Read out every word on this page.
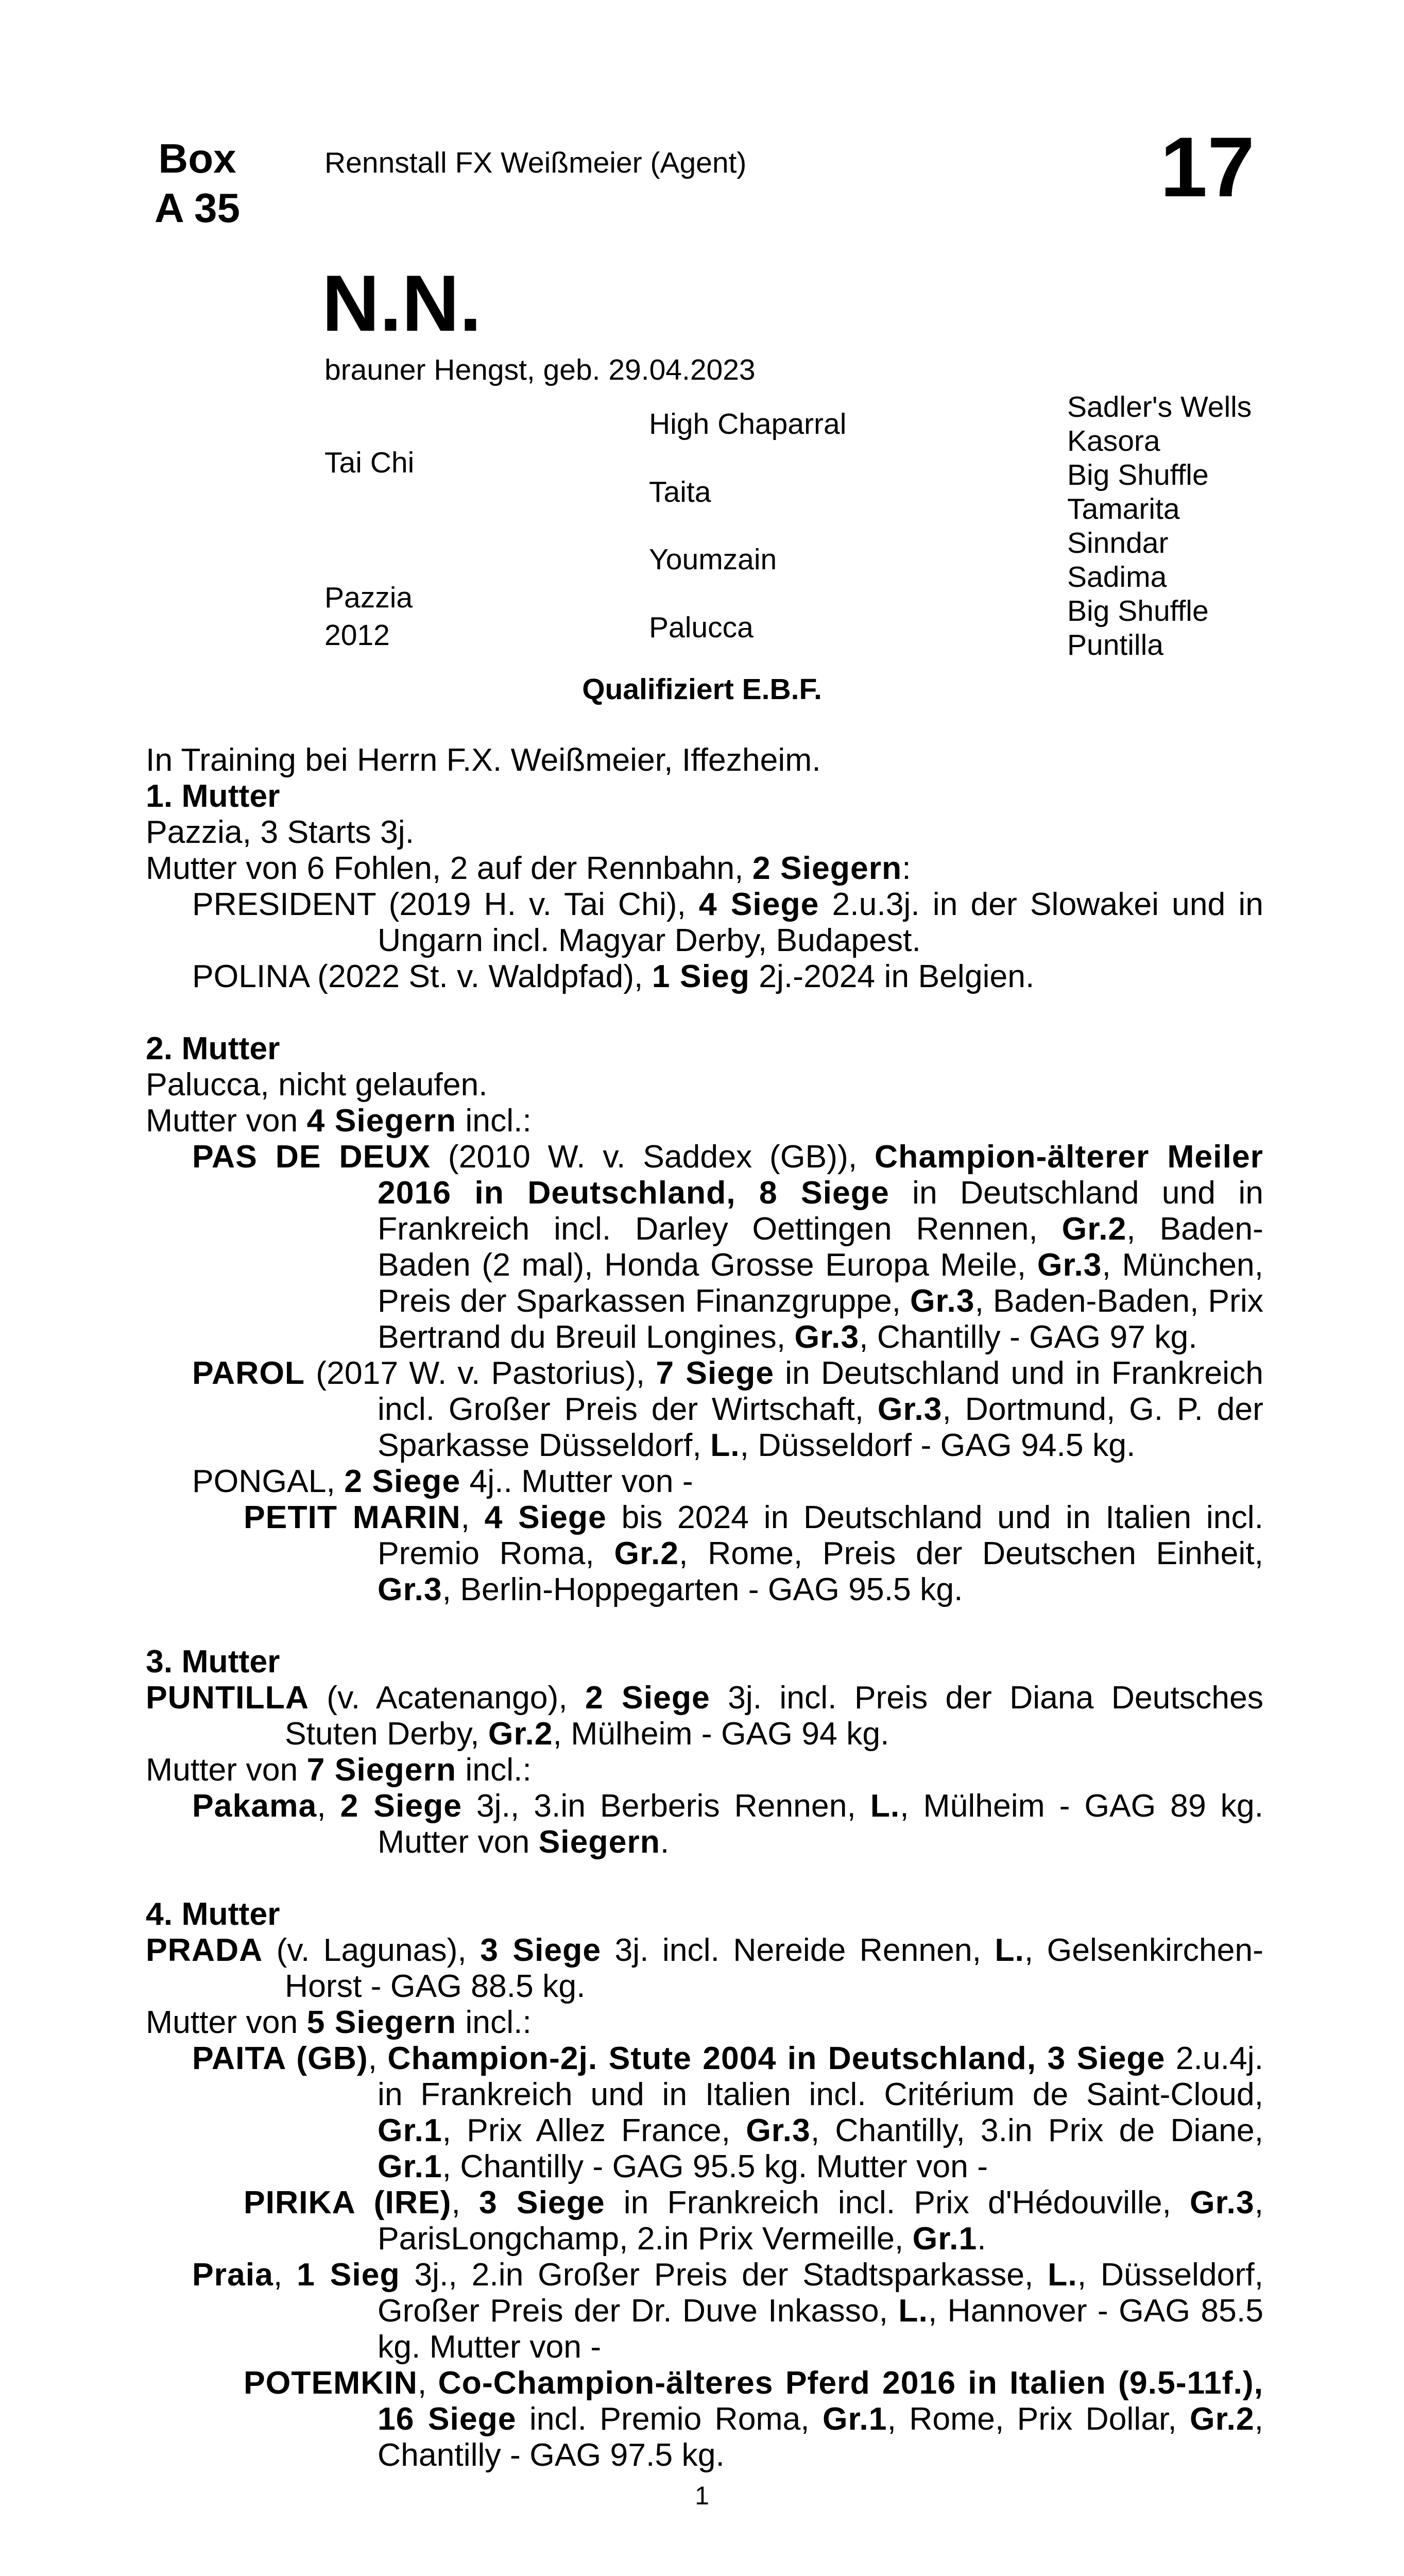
Box
A 35
Rennstall FX Weißmeier (Agent)	17
N.N.
brauner Hengst, geb. 29.04.2023
Tai Chi
Pazzia
2012
High Chaparral
Taita
Youmzain
Palucca
Sadler's Wells
Kasora
Big Shuffle
Tamarita
Sinndar
Sadima
Big Shuffle
Puntilla
Qualifiziert E.B.F.
In Training bei Herrn F.X. Weißmeier, Iffezheim.
1. Mutter
Pazzia, 3 Starts 3j.
Mutter von 6 Fohlen, 2 auf der Rennbahn, 2 Siegern:
PRESIDENT (2019 H. v. Tai Chi), 4 Siege 2.u.3j. in der Slowakei und in Ungarn incl. Magyar Derby, Budapest.
POLINA (2022 St. v. Waldpfad), 1 Sieg 2j.-2024 in Belgien.
2. Mutter
Palucca, nicht gelaufen.
Mutter von 4 Siegern incl.:
PAS DE DEUX (2010 W. v. Saddex (GB)), Champion-älterer Meiler 2016 in Deutschland, 8 Siege in Deutschland und in Frankreich incl. Darley Oettingen Rennen, Gr.2, Baden-Baden (2 mal), Honda Grosse Europa Meile, Gr.3, München, Preis der Sparkassen Finanzgruppe, Gr.3, Baden-Baden, Prix Bertrand du Breuil Longines, Gr.3, Chantilly - GAG 97 kg.
PAROL (2017 W. v. Pastorius), 7 Siege in Deutschland und in Frankreich incl. Großer Preis der Wirtschaft, Gr.3, Dortmund, G. P. der Sparkasse Düsseldorf, L., Düsseldorf - GAG 94.5 kg.
PONGAL, 2 Siege 4j.. Mutter von -
PETIT MARIN, 4 Siege bis 2024 in Deutschland und in Italien incl. Premio Roma, Gr.2, Rome, Preis der Deutschen Einheit, Gr.3, Berlin-Hoppegarten - GAG 95.5 kg.
3. Mutter
PUNTILLA (v. Acatenango), 2 Siege 3j. incl. Preis der Diana Deutsches Stuten Derby, Gr.2, Mülheim - GAG 94 kg.
Mutter von 7 Siegern incl.:
Pakama, 2 Siege 3j., 3.in Berberis Rennen, L., Mülheim - GAG 89 kg. Mutter von Siegern.
4. Mutter
PRADA (v. Lagunas), 3 Siege 3j. incl. Nereide Rennen, L., Gelsenkirchen-Horst - GAG 88.5 kg.
Mutter von 5 Siegern incl.:
PAITA (GB), Champion-2j. Stute 2004 in Deutschland, 3 Siege 2.u.4j. in Frankreich und in Italien incl. Critérium de Saint-Cloud, Gr.1, Prix Allez France, Gr.3, Chantilly, 3.in Prix de Diane, Gr.1, Chantilly - GAG 95.5 kg. Mutter von -
PIRIKA (IRE), 3 Siege in Frankreich incl. Prix d'Hédouville, Gr.3, ParisLongchamp, 2.in Prix Vermeille, Gr.1.
Praia, 1 Sieg 3j., 2.in Großer Preis der Stadtsparkasse, L., Düsseldorf, Großer Preis der Dr. Duve Inkasso, L., Hannover - GAG 85.5 kg. Mutter von -
POTEMKIN, Co-Champion-älteres Pferd 2016 in Italien (9.5-11f.), 16 Siege incl. Premio Roma, Gr.1, Rome, Prix Dollar, Gr.2, Chantilly - GAG 97.5 kg.
1
